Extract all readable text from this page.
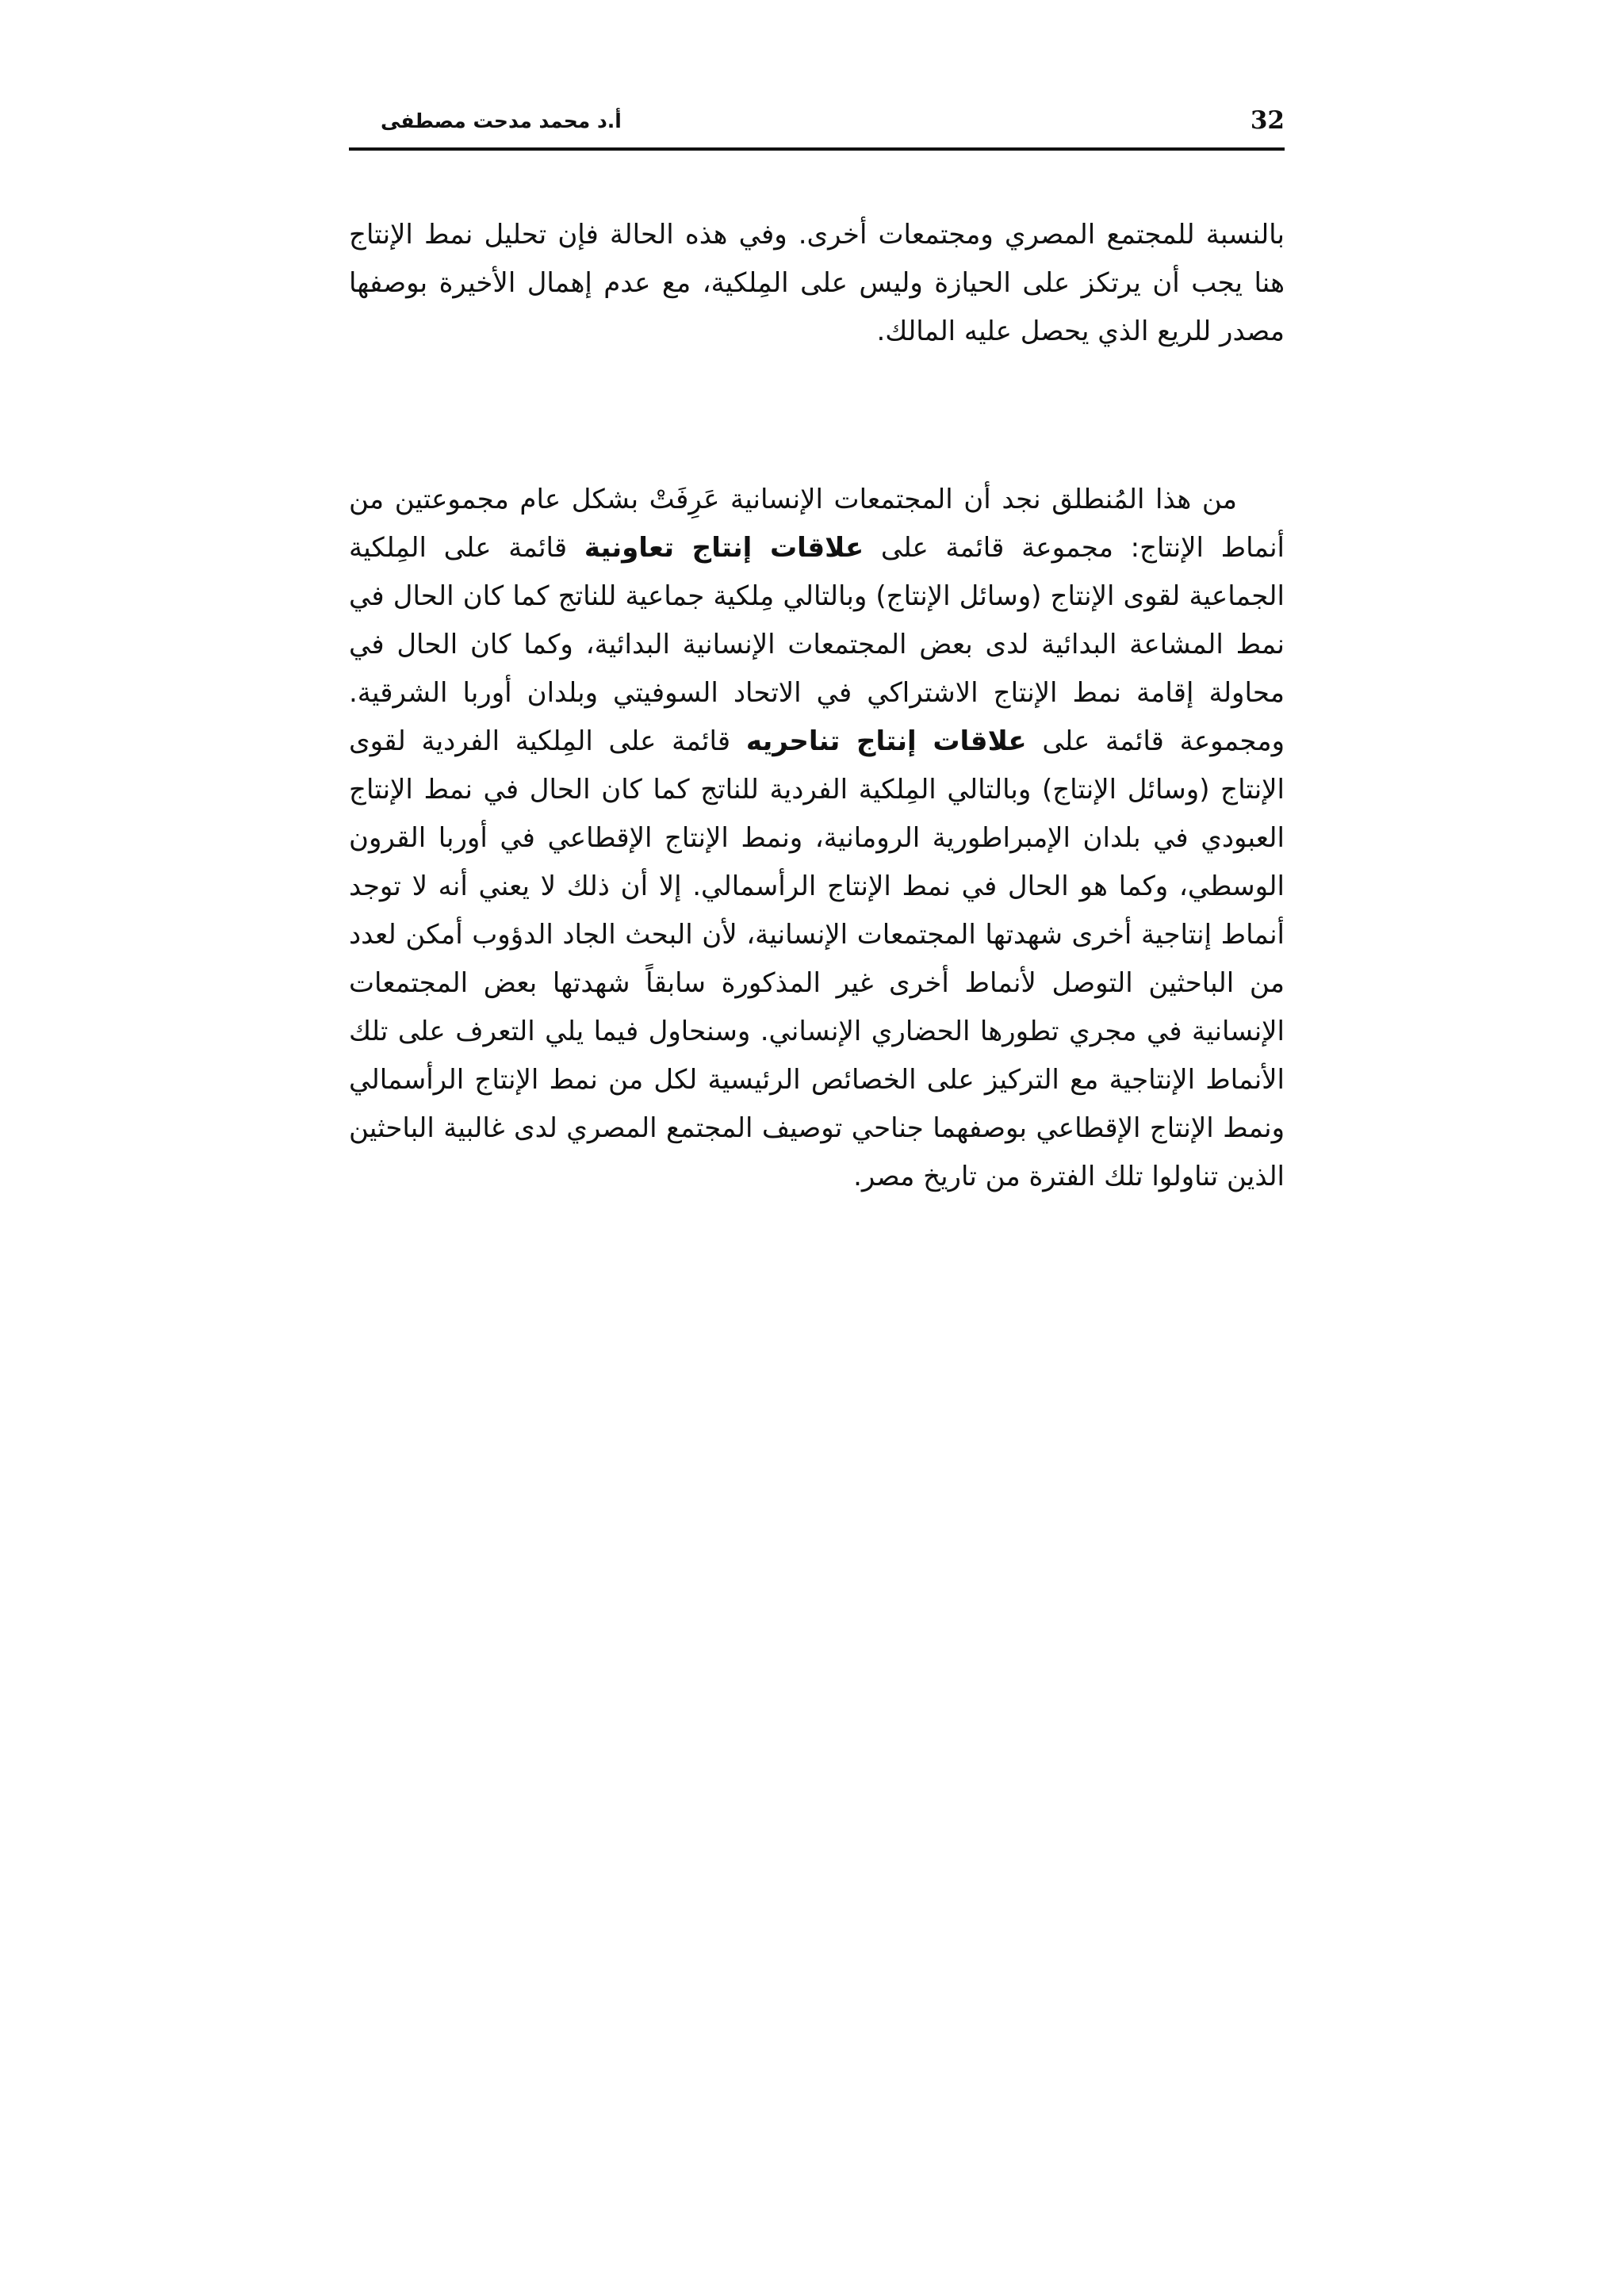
32
أ.د محمد مدحت مصطفى

بالنسبة للمجتمع المصري ومجتمعات أخرى. وفي هذه الحالة فإن تحليل نمط الإنتاج هنا يجب أن يرتكز على الحيازة وليس على المِلكية، مع عدم إهمال الأخيرة بوصفها مصدر للريع الذي يحصل عليه المالك.

من هذا المُنطلق نجد أن المجتمعات الإنسانية عَرِفَتْ بشكل عام مجموعتين من أنماط الإنتاج: مجموعة قائمة على علاقات إنتاج تعاونية قائمة على المِلكية الجماعية لقوى الإنتاج (وسائل الإنتاج) وبالتالي مِلكية جماعية للناتج كما كان الحال في نمط المشاعة البدائية لدى بعض المجتمعات الإنسانية البدائية، وكما كان الحال في محاولة إقامة نمط الإنتاج الاشتراكي في الاتحاد السوفيتي وبلدان أوربا الشرقية. ومجموعة قائمة على علاقات إنتاج تناحريه قائمة على المِلكية الفردية لقوى الإنتاج (وسائل الإنتاج) وبالتالي المِلكية الفردية للناتج كما كان الحال في نمط الإنتاج العبودي في بلدان الإمبراطورية الرومانية، ونمط الإنتاج الإقطاعي في أوربا القرون الوسطي، وكما هو الحال في نمط الإنتاج الرأسمالي. إلا أن ذلك لا يعني أنه لا توجد أنماط إنتاجية أخرى شهدتها المجتمعات الإنسانية، لأن البحث الجاد الدؤوب أمكن لعدد من الباحثين التوصل لأنماط أخرى غير المذكورة سابقاً شهدتها بعض المجتمعات الإنسانية في مجري تطورها الحضاري الإنساني. وسنحاول فيما يلي التعرف على تلك الأنماط الإنتاجية مع التركيز على الخصائص الرئيسية لكل من نمط الإنتاج الرأسمالي ونمط الإنتاج الإقطاعي بوصفهما جناحي توصيف المجتمع المصري لدى غالبية الباحثين الذين تناولوا تلك الفترة من تاريخ مصر.
